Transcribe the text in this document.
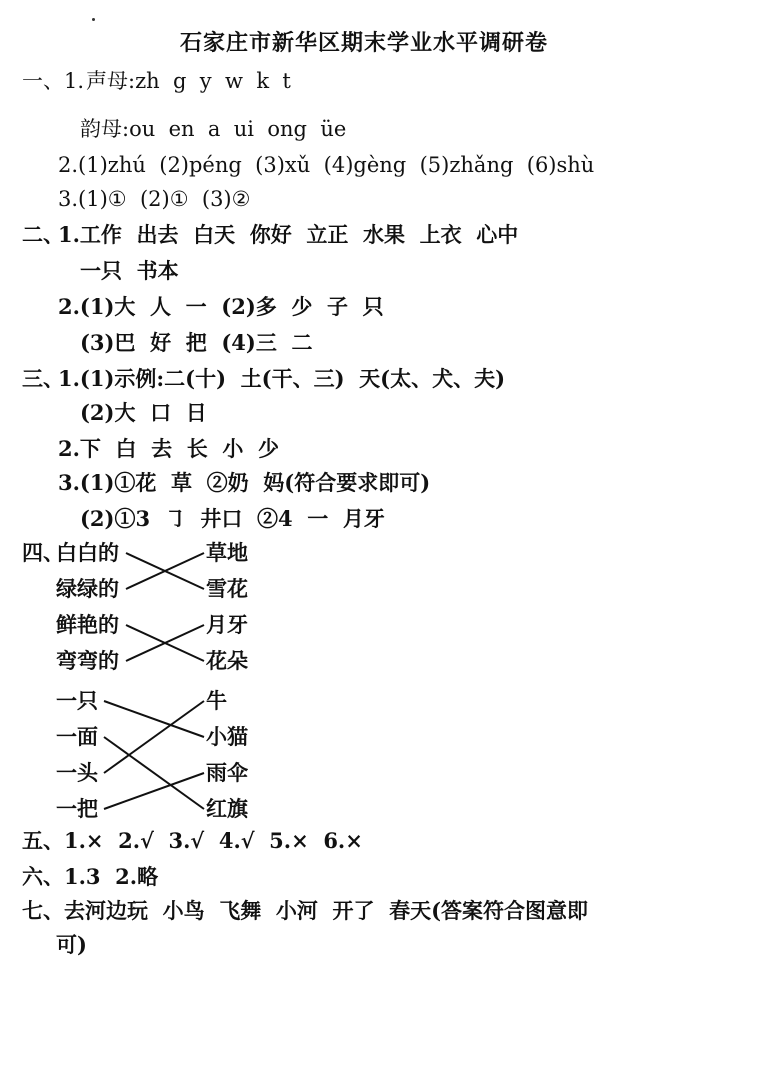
石家庄市新华区期末学业水平调研卷
一、1. 声母:zh  g  y  w  k  t
韵母:ou  en  a  ui  ong  üe
2.(1)zhú  (2)péng  (3)xǔ  (4)gèng  (5)zhǎng  (6)shù
3.(1)①  (2)①  (3)②
二、
1.工作  出去  白天  你好  立正  水果  上衣  心中
一只  书本
2.(1)大  人  一  (2)多  少  子  只
(3)巴  好  把  (4)三  二
三、
1.(1)示例:二(十)  土(干、三)  天(太、犬、夫)
(2)大  口  日
2.下  白  去  长  小  少
3.(1)①花  草  ②奶  妈(符合要求即可)
(2)①3  ㇆  井口  ②4  一  月牙
四、
白白的
绿绿的
鲜艳的
弯弯的
草地
雪花
月牙
花朵
一只
一面
一头
一把
牛
小猫
雨伞
红旗
五、1.×  2.√  3.√  4.√  5.×  6.×
六、1.3  2.略
七、去河边玩  小鸟  飞舞  小河  开了  春天(答案符合图意即
可)
